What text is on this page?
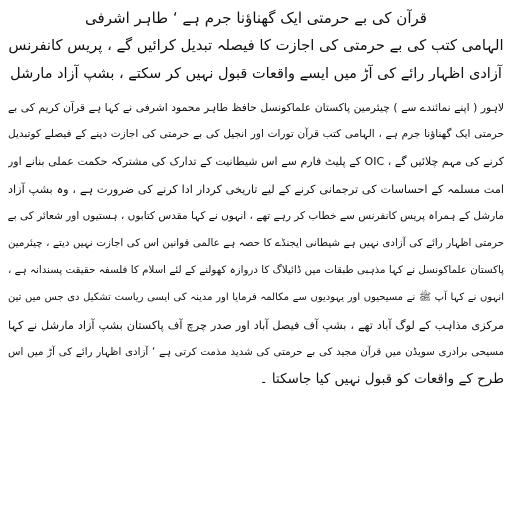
قرآن کی بے حرمتی ایک گھناؤنا جرم ہے ‘ طاہر اشرفی
الہامی کتب کی بے حرمتی کی اجازت کا فیصلہ تبدیل کرائیں گے ، پریس کانفرنس
آزادی اظہار رائے کی آڑ میں ایسے واقعات قبول نہیں کر سکتے ، بشپ آزاد مارشل

لاہور ( اپنے نمائندے سے ) چیئرمین پاکستان علماکونسل حافظ طاہر محمود اشرفی نے کہا ہے قرآن کریم کی بے

حرمتی ایک گھناؤنا جرم ہے ، الہامی کتب قرآن تورات اور انجیل کی بے حرمتی کی اجازت دینے کے فیصلے کوتبدیل

کرنے کی مہم چلائیں گے ، OIC کے پلیٹ فارم سے اس شیطانیت کے تدارک کی مشترکہ حکمت عملی بنانے اور

امت مسلمہ کے احساسات کی ترجمانی کرنے کے لیے تاریخی کردار ادا کرنے کی ضرورت ہے ، وہ بشپ آزاد

مارشل کے ہمراہ پریس کانفرنس سے خطاب کر رہے تھے ، انہوں نے کہا مقدس کتابوں ، ہستیوں اور شعائر کی بے

حرمتی اظہار رائے کی آزادی نہیں ہے شیطانی ایجنڈے کا حصہ ہے عالمی قوانین اس کی اجازت نہیں دیتے ، چیئرمین

پاکستان علماکونسل نے کہا مذہبی طبقات میں ڈائیلاگ کا دروازہ کھولنے کے لئے اسلام کا فلسفہ حقیقت پسندانہ ہے ،

انہوں نے کہا آپ ﷺ نے مسیحیوں اور یہودیوں سے مکالمہ فرمایا اور مدینہ کی ایسی ریاست تشکیل دی جس میں تین

مرکزی مذاہب کے لوگ آباد تھے ، بشپ آف فیصل آباد اور صدر چرچ آف پاکستان بشپ آزاد مارشل نے کہا

مسیحی برادری سویڈن میں قرآن مجید کی بے حرمتی کی شدید مذمت کرتی ہے ‘ آزادی اظہار رائے کی آڑ میں اس

طرح کے واقعات کو قبول نہیں کیا جاسکتا ۔
